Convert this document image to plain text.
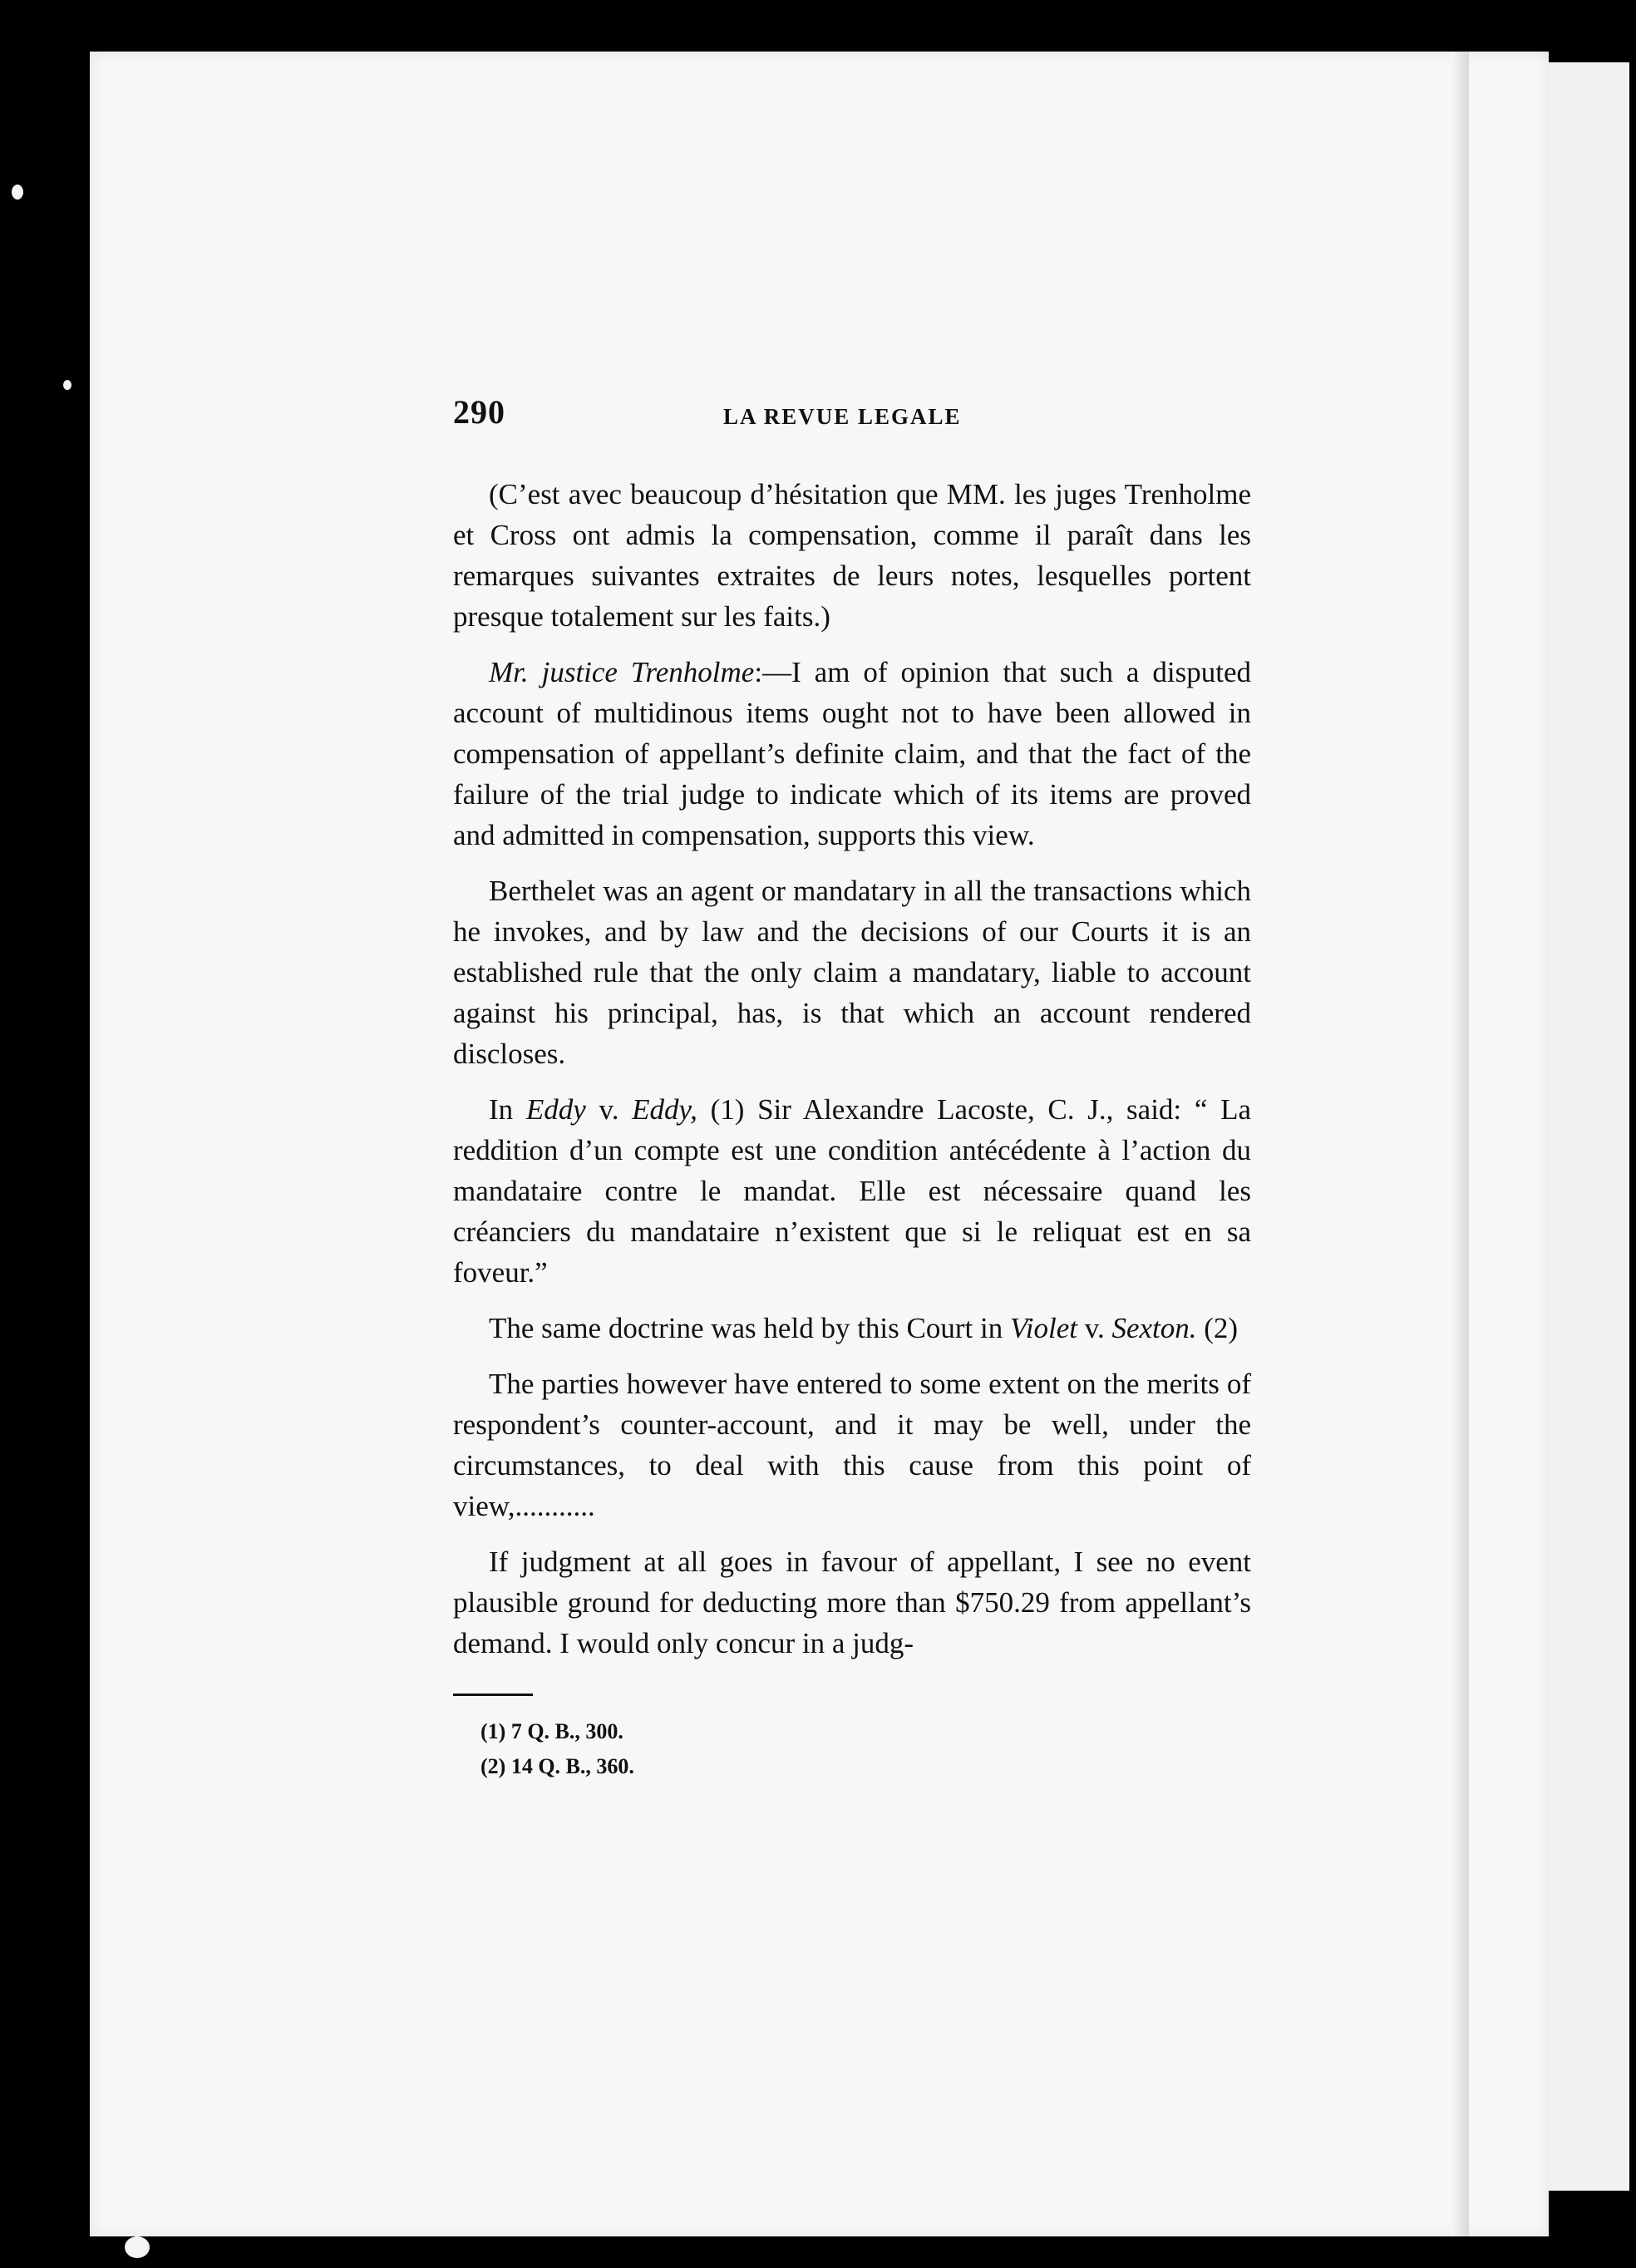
290	LA REVUE LEGALE

(C’est avec beaucoup d’hésitation que MM. les juges Trenholme et Cross ont admis la compensation, comme il paraît dans les remarques suivantes extraites de leurs notes, lesquelles portent presque totalement sur les faits.)

Mr. justice Trenholme:—I am of opinion that such a disputed account of multidinous items ought not to have been allowed in compensation of appellant’s definite claim, and that the fact of the failure of the trial judge to indicate which of its items are proved and admitted in compensation, supports this view.

Berthelet was an agent or mandatary in all the transactions which he invokes, and by law and the decisions of our Courts it is an established rule that the only claim a mandatary, liable to account against his principal, has, is that which an account rendered discloses.

In Eddy v. Eddy, (1) Sir Alexandre Lacoste, C. J., said: “ La reddition d’un compte est une condition antécédente à l’action du mandataire contre le mandat. Elle est nécessaire quand les créanciers du mandataire n’existent que si le reliquat est en sa foveur.”

The same doctrine was held by this Court in Violet v. Sexton. (2)

The parties however have entered to some extent on the merits of respondent’s counter-account, and it may be well, under the circumstances, to deal with this cause from this point of view,...........

If judgment at all goes in favour of appellant, I see no event plausible ground for deducting more than $750.29 from appellant’s demand. I would only concur in a judg-

(1) 7 Q. B., 300.
(2) 14 Q. B., 360.
